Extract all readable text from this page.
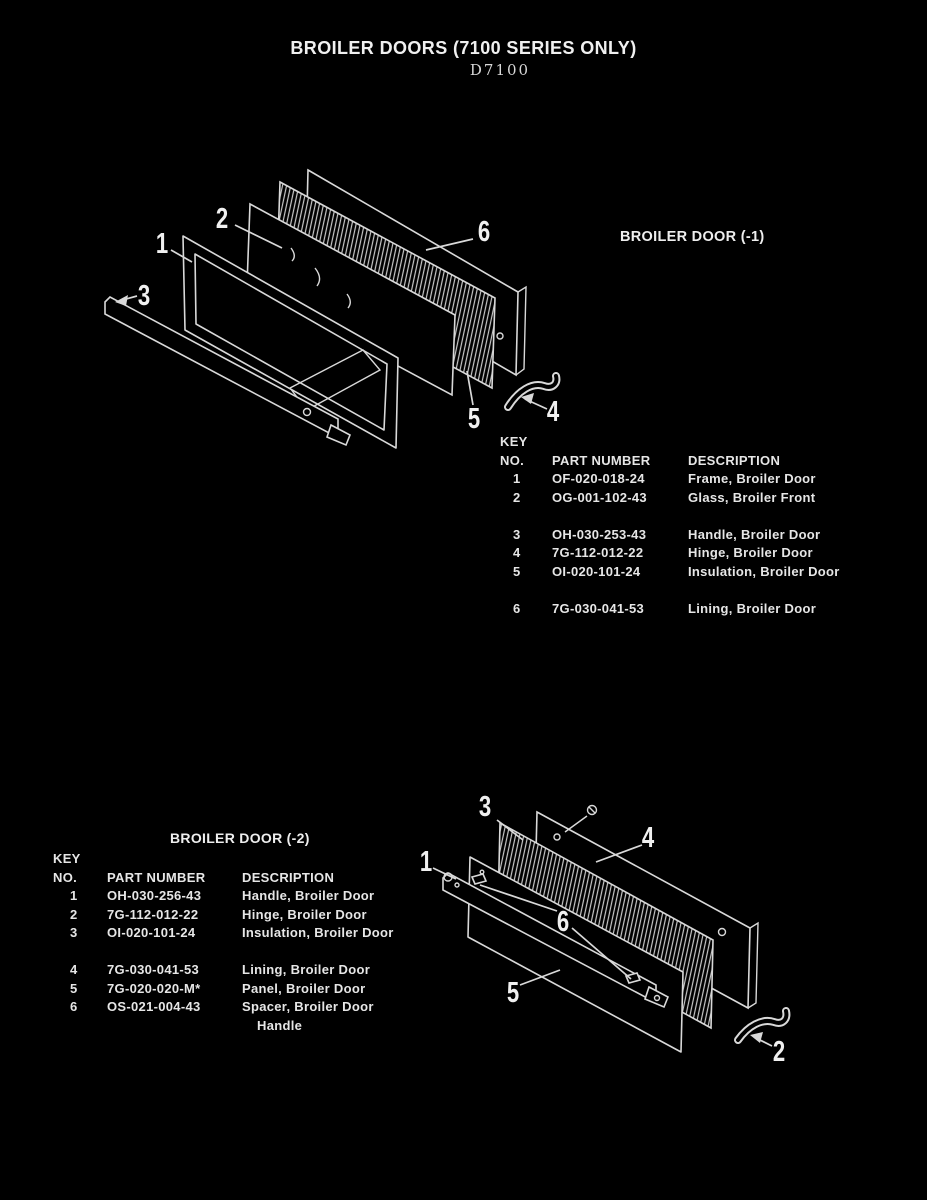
BROILER DOORS (7100 SERIES ONLY)
D7100
1
2
3
4
5
6	BROILER DOOR (-1)
KEY
NO.	PART NUMBER	DESCRIPTION
1	OF-020-018-24	Frame, Broiler Door
2	OG-001-102-43	Glass, Broiler Front
3	OH-030-253-43	Handle, Broiler Door
4	7G-112-012-22	Hinge, Broiler Door
5	OI-020-101-24	Insulation, Broiler Door
6	7G-030-041-53	Lining, Broiler Door
BROILER DOOR (-2)
KEY
NO.	PART NUMBER	DESCRIPTION
1	OH-030-256-43	Handle, Broiler Door
2	7G-112-012-22	Hinge, Broiler Door
3	OI-020-101-24	Insulation, Broiler Door
4	7G-030-041-53	Lining, Broiler Door
5	7G-020-020-M*	Panel, Broiler Door
6	OS-021-004-43	Spacer, Broiler Door
Handle
3
4
1
6
5
2
